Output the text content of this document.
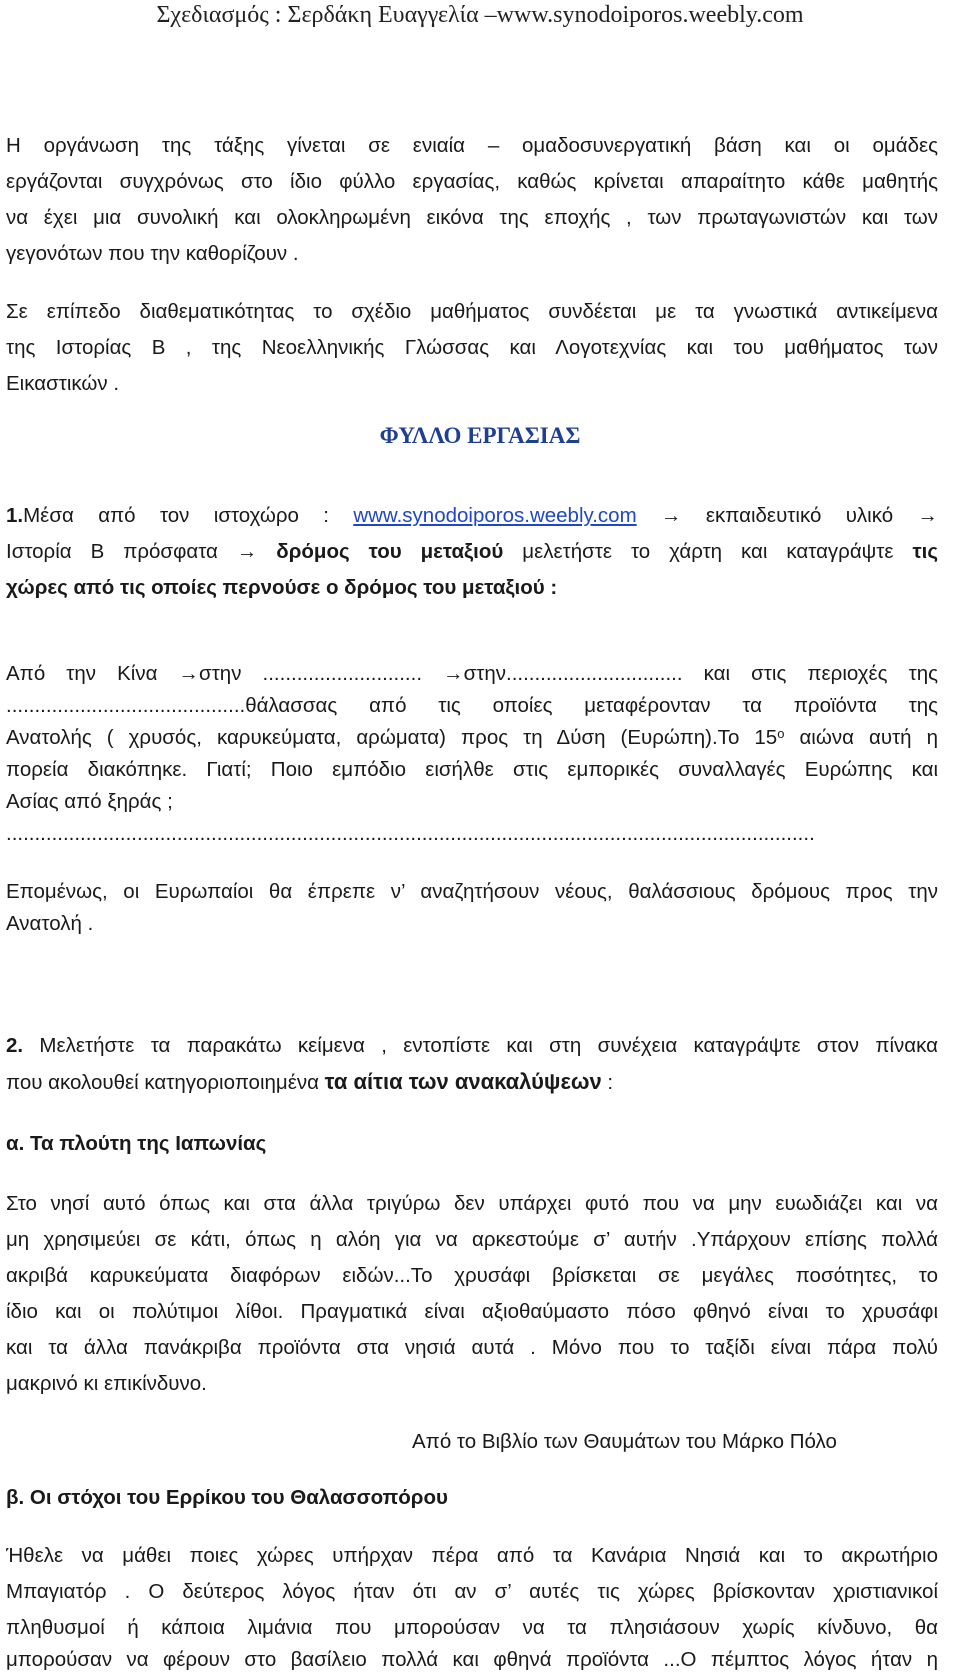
Σχεδιασμός : Σερδάκη Ευαγγελία –www.synodoiporos.weebly.com
Η οργάνωση της τάξης γίνεται σε ενιαία – ομαδοσυνεργατική βάση και οι ομάδες
εργάζονται συγχρόνως στο ίδιο φύλλο εργασίας, καθώς κρίνεται απαραίτητο κάθε μαθητής
να έχει μια συνολική και ολοκληρωμένη εικόνα της εποχής , των πρωταγωνιστών και των
γεγονότων που την καθορίζουν .
Σε επίπεδο διαθεματικότητας το σχέδιο μαθήματος συνδέεται με τα γνωστικά αντικείμενα
της Ιστορίας Β , της Νεοελληνικής Γλώσσας και Λογοτεχνίας και του μαθήματος των
Εικαστικών .
ΦΥΛΛΟ ΕΡΓΑΣΙΑΣ
1.Μέσα από τον ιστοχώρο : www.synodoiporos.weebly.com → εκπαιδευτικό υλικό →
Ιστορία Β πρόσφατα → δρόμος του μεταξιού μελετήστε το χάρτη και καταγράψτε τις
χώρες από τις οποίες περνούσε ο δρόμος του μεταξιού :
Από την Κίνα →στην ............................ →στην............................... και στις περιοχές της
..........................................θάλασσας από τις οποίες μεταφέρονταν τα προϊόντα της
Ανατολής ( χρυσός, καρυκεύματα, αρώματα) προς τη Δύση (Ευρώπη).Το $15^o$ αιώνα αυτή η
πορεία διακόπηκε. Γιατί; Ποιο εμπόδιο εισήλθε στις εμπορικές συναλλαγές Ευρώπης και
Ασίας από ξηράς ;
..............................................................................................................................................
Επομένως, οι Ευρωπαίοι θα έπρεπε ν’ αναζητήσουν νέους, θαλάσσιους δρόμους προς την
Ανατολή .
2. Μελετήστε τα παρακάτω κείμενα , εντοπίστε και στη συνέχεια καταγράψτε στον πίνακα
που ακολουθεί κατηγοριοποιημένα τα αίτια των ανακαλύψεων :
α. Τα πλούτη της Ιαπωνίας
Στο νησί αυτό όπως και στα άλλα τριγύρω δεν υπάρχει φυτό που να μην ευωδιάζει και να
μη χρησιμεύει σε κάτι, όπως η αλόη για να αρκεστούμε σ’ αυτήν .Υπάρχουν επίσης πολλά
ακριβά καρυκεύματα διαφόρων ειδών...Το χρυσάφι βρίσκεται σε μεγάλες ποσότητες, το
ίδιο και οι πολύτιμοι λίθοι. Πραγματικά είναι αξιοθαύμαστο πόσο φθηνό είναι το χρυσάφι
και τα άλλα πανάκριβα προϊόντα στα νησιά αυτά . Μόνο που το ταξίδι είναι πάρα πολύ
μακρινό κι επικίνδυνο.
Από το Βιβλίο των Θαυμάτων του Μάρκο Πόλο
β. Οι στόχοι του Ερρίκου του Θαλασσοπόρου
Ήθελε να μάθει ποιες χώρες υπήρχαν πέρα από τα Κανάρια Νησιά και το ακρωτήριο
Μπαγιατόρ . Ο δεύτερος λόγος ήταν ότι αν σ’ αυτές τις χώρες βρίσκονταν χριστιανικοί
πληθυσμοί ή κάποια λιμάνια που μπορούσαν να τα πλησιάσουν χωρίς κίνδυνο, θα
μπορούσαν να φέρουν στο βασίλειο πολλά και φθηνά προϊόντα ...Ο πέμπτος λόγος ήταν η
